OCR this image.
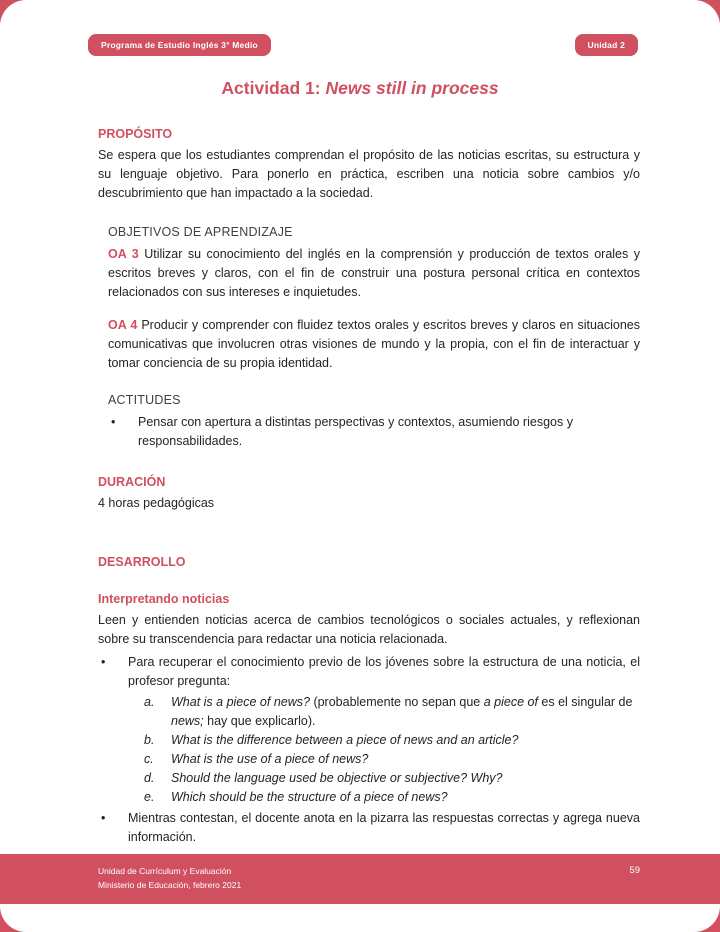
Programa de Estudio Inglés 3° Medio	Unidad 2
Actividad 1: News still in process
PROPÓSITO

Se espera que los estudiantes comprendan el propósito de las noticias escritas, su estructura y su lenguaje objetivo. Para ponerlo en práctica, escriben una noticia sobre cambios y/o descubrimiento que han impactado a la sociedad.

OBJETIVOS DE APRENDIZAJE

OA 3 Utilizar su conocimiento del inglés en la comprensión y producción de textos orales y escritos breves y claros, con el fin de construir una postura personal crítica en contextos relacionados con sus intereses e inquietudes.

OA 4 Producir y comprender con fluidez textos orales y escritos breves y claros en situaciones comunicativas que involucren otras visiones de mundo y la propia, con el fin de interactuar y tomar conciencia de su propia identidad.

ACTITUDES
•	Pensar con apertura a distintas perspectivas y contextos, asumiendo riesgos y responsabilidades.
DURACIÓN

4 horas pedagógicas

DESARROLLO
Interpretando noticias

Leen y entienden noticias acerca de cambios tecnológicos o sociales actuales, y reflexionan sobre su transcendencia para redactar una noticia relacionada.

•	Para recuperar el conocimiento previo de los jóvenes sobre la estructura de una noticia, el profesor pregunta:
a.	What is a piece of news? (probablemente no sepan que a piece of es el singular de news; hay que explicarlo).
b.	What is the difference between a piece of news and an article?
c.	What is the use of a piece of news?
d.	Should the language used be objective or subjective? Why?
e.	Which should be the structure of a piece of news?
•	Mientras contestan, el docente anota en la pizarra las respuestas correctas y agrega nueva información.
Unidad de Currículum y Evaluación
Ministerio de Educación, febrero 2021
59
